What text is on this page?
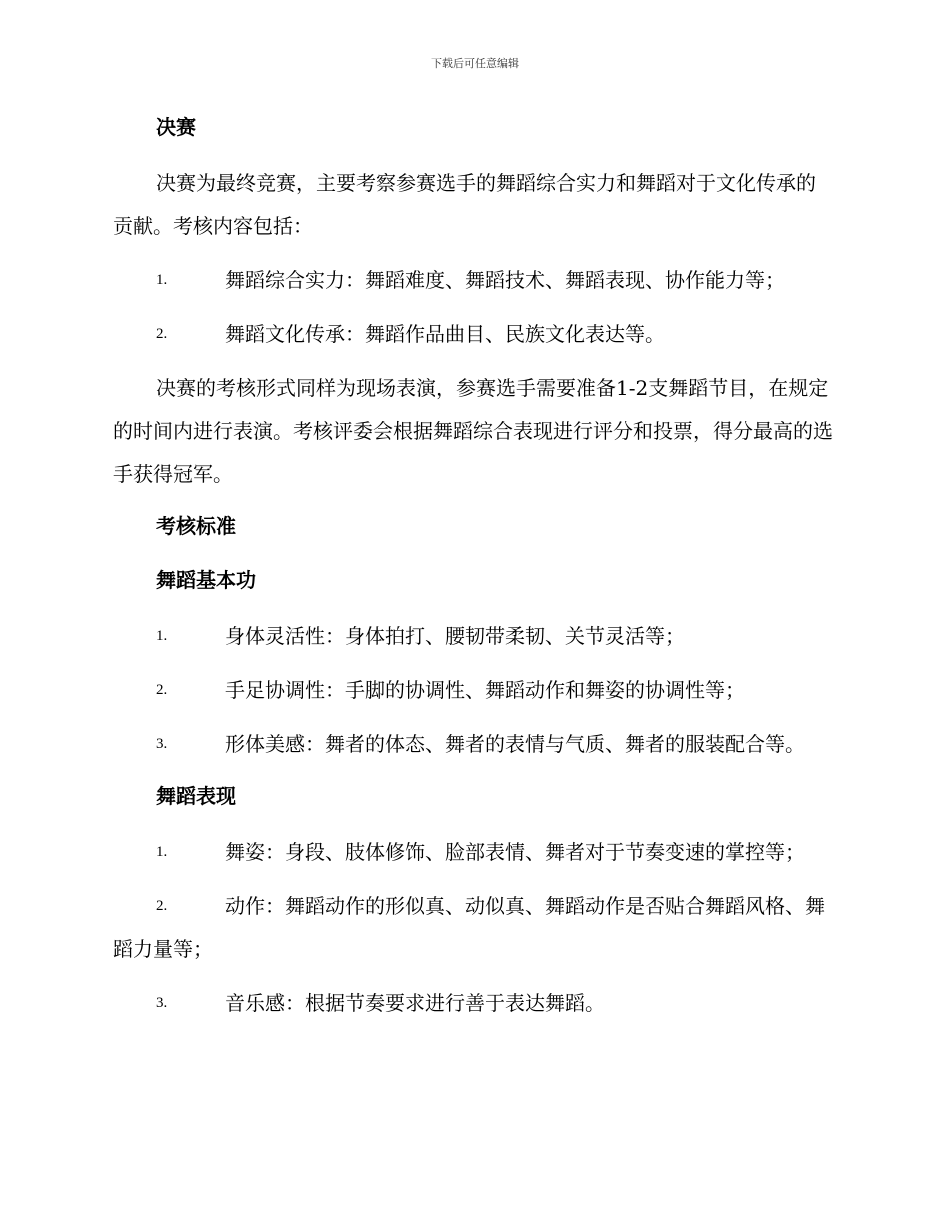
下载后可任意编辑
决赛
决赛为最终竞赛，主要考察参赛选手的舞蹈综合实力和舞蹈对于文化传承的贡献。考核内容包括：
1.	舞蹈综合实力：舞蹈难度、舞蹈技术、舞蹈表现、协作能力等；
2.	舞蹈文化传承：舞蹈作品曲目、民族文化表达等。
决赛的考核形式同样为现场表演，参赛选手需要准备1-2支舞蹈节目，在规定的时间内进行表演。考核评委会根据舞蹈综合表现进行评分和投票，得分最高的选手获得冠军。
考核标准
舞蹈基本功
1.	身体灵活性：身体拍打、腰韧带柔韧、关节灵活等；
2.	手足协调性：手脚的协调性、舞蹈动作和舞姿的协调性等；
3.	形体美感：舞者的体态、舞者的表情与气质、舞者的服装配合等。
舞蹈表现
1.	舞姿：身段、肢体修饰、脸部表情、舞者对于节奏变速的掌控等；
2.	动作：舞蹈动作的形似真、动似真、舞蹈动作是否贴合舞蹈风格、舞蹈力量等；
3.	音乐感：根据节奏要求进行善于表达舞蹈。
